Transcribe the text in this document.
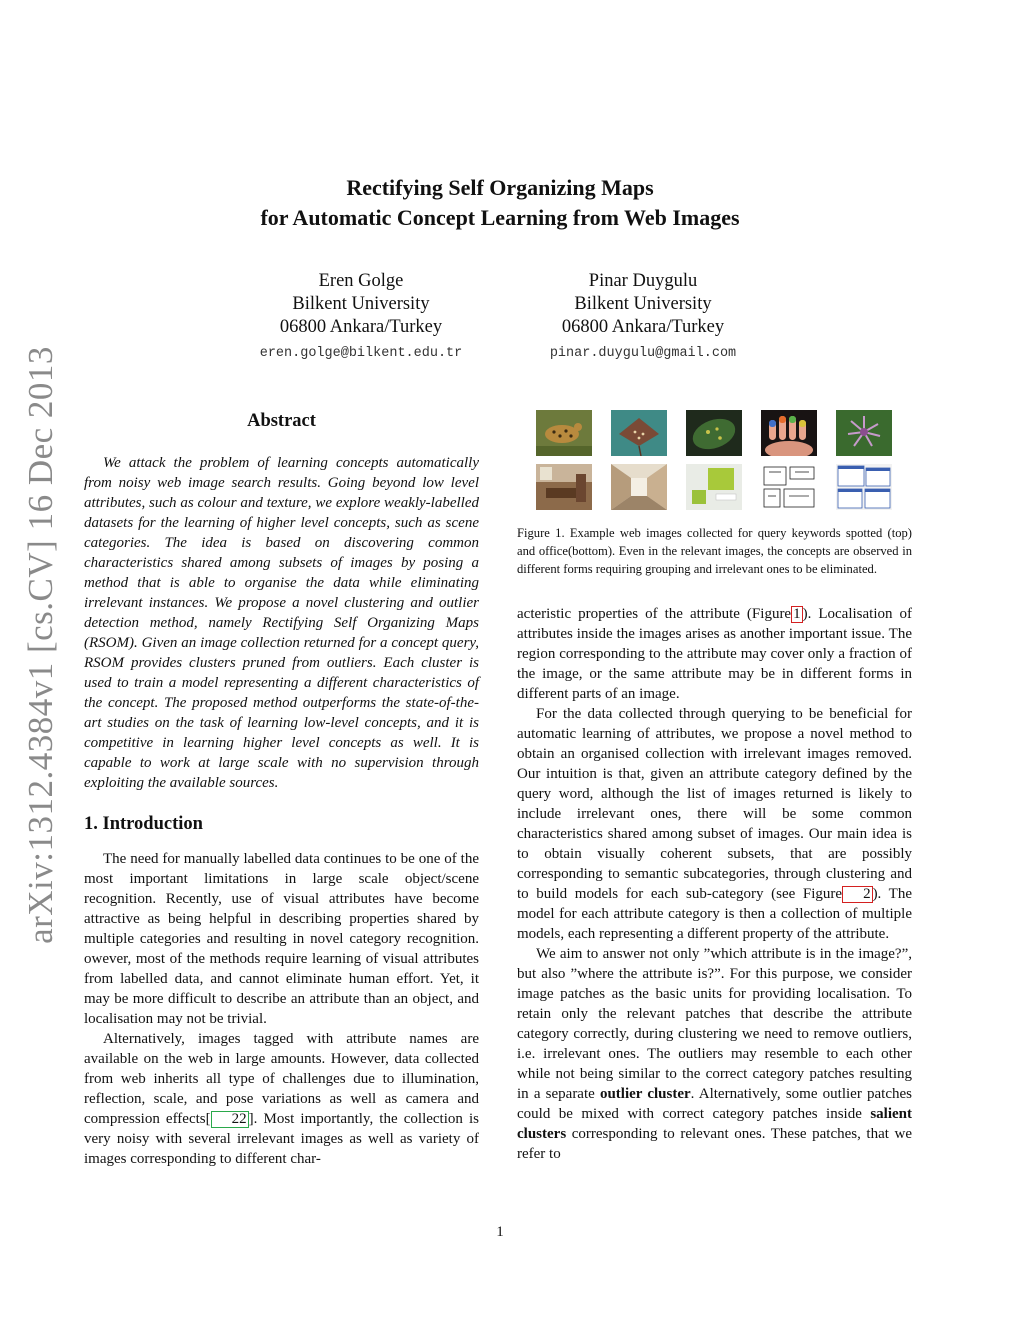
arXiv:1312.4384v1 [cs.CV] 16 Dec 2013
Rectifying Self Organizing Maps
for Automatic Concept Learning from Web Images
Eren Golge
Bilkent University
06800 Ankara/Turkey
eren.golge@bilkent.edu.tr
Pinar Duygulu
Bilkent University
06800 Ankara/Turkey
pinar.duygulu@gmail.com
Abstract

We attack the problem of learning concepts automatically from noisy web image search results. Going beyond low level attributes, such as colour and texture, we explore weakly-labelled datasets for the learning of higher level concepts, such as scene categories. The idea is based on discovering common characteristics shared among subsets of images by posing a method that is able to organise the data while eliminating irrelevant instances. We propose a novel clustering and outlier detection method, namely Rectifying Self Organizing Maps (RSOM). Given an image collection returned for a concept query, RSOM provides clusters pruned from outliers. Each cluster is used to train a model representing a different characteristics of the concept. The proposed method outperforms the state-of-the-art studies on the task of learning low-level concepts, and it is competitive in learning higher level concepts as well. It is capable to work at large scale with no supervision through exploiting the available sources.

1. Introduction

The need for manually labelled data continues to be one of the most important limitations in large scale object/scene recognition. Recently, use of visual attributes have become attractive as being helpful in describing properties shared by multiple categories and resulting in novel category recognition. owever, most of the methods require learning of visual attributes from labelled data, and cannot eliminate human effort. Yet, it may be more difficult to describe an attribute than an object, and localisation may not be trivial.

Alternatively, images tagged with attribute names are available on the web in large amounts. However, data collected from web inherits all type of challenges due to illumination, reflection, scale, and pose variations as well as camera and compression effects[ 22 ]. Most importantly, the collection is very noisy with several irrelevant images as well as variety of images corresponding to different char-

Figure 1. Example web images collected for query keywords spotted (top) and office(bottom). Even in the relevant images, the concepts are observed in different forms requiring grouping and irrelevant ones to be eliminated.

acteristic properties of the attribute (Figure 1 ). Localisation of attributes inside the images arises as another important issue. The region corresponding to the attribute may cover only a fraction of the image, or the same attribute may be in different forms in different parts of an image.

For the data collected through querying to be beneficial for automatic learning of attributes, we propose a novel method to obtain an organised collection with irrelevant images removed. Our intuition is that, given an attribute category defined by the query word, although the list of images returned is likely to include irrelevant ones, there will be some common characteristics shared among subset of images. Our main idea is to obtain visually coherent subsets, that are possibly corresponding to semantic subcategories, through clustering and to build models for each sub-category (see Figure 2 ). The model for each attribute category is then a collection of multiple models, each representing a different property of the attribute.

We aim to answer not only ”which attribute is in the image?”, but also ”where the attribute is?”. For this purpose, we consider image patches as the basic units for providing localisation. To retain only the relevant patches that describe the attribute category correctly, during clustering we need to remove outliers, i.e. irrelevant ones. The outliers may resemble to each other while not being similar to the correct category patches resulting in a separate outlier cluster. Alternatively, some outlier patches could be mixed with correct category patches inside salient clusters corresponding to relevant ones. These patches, that we refer to

1
